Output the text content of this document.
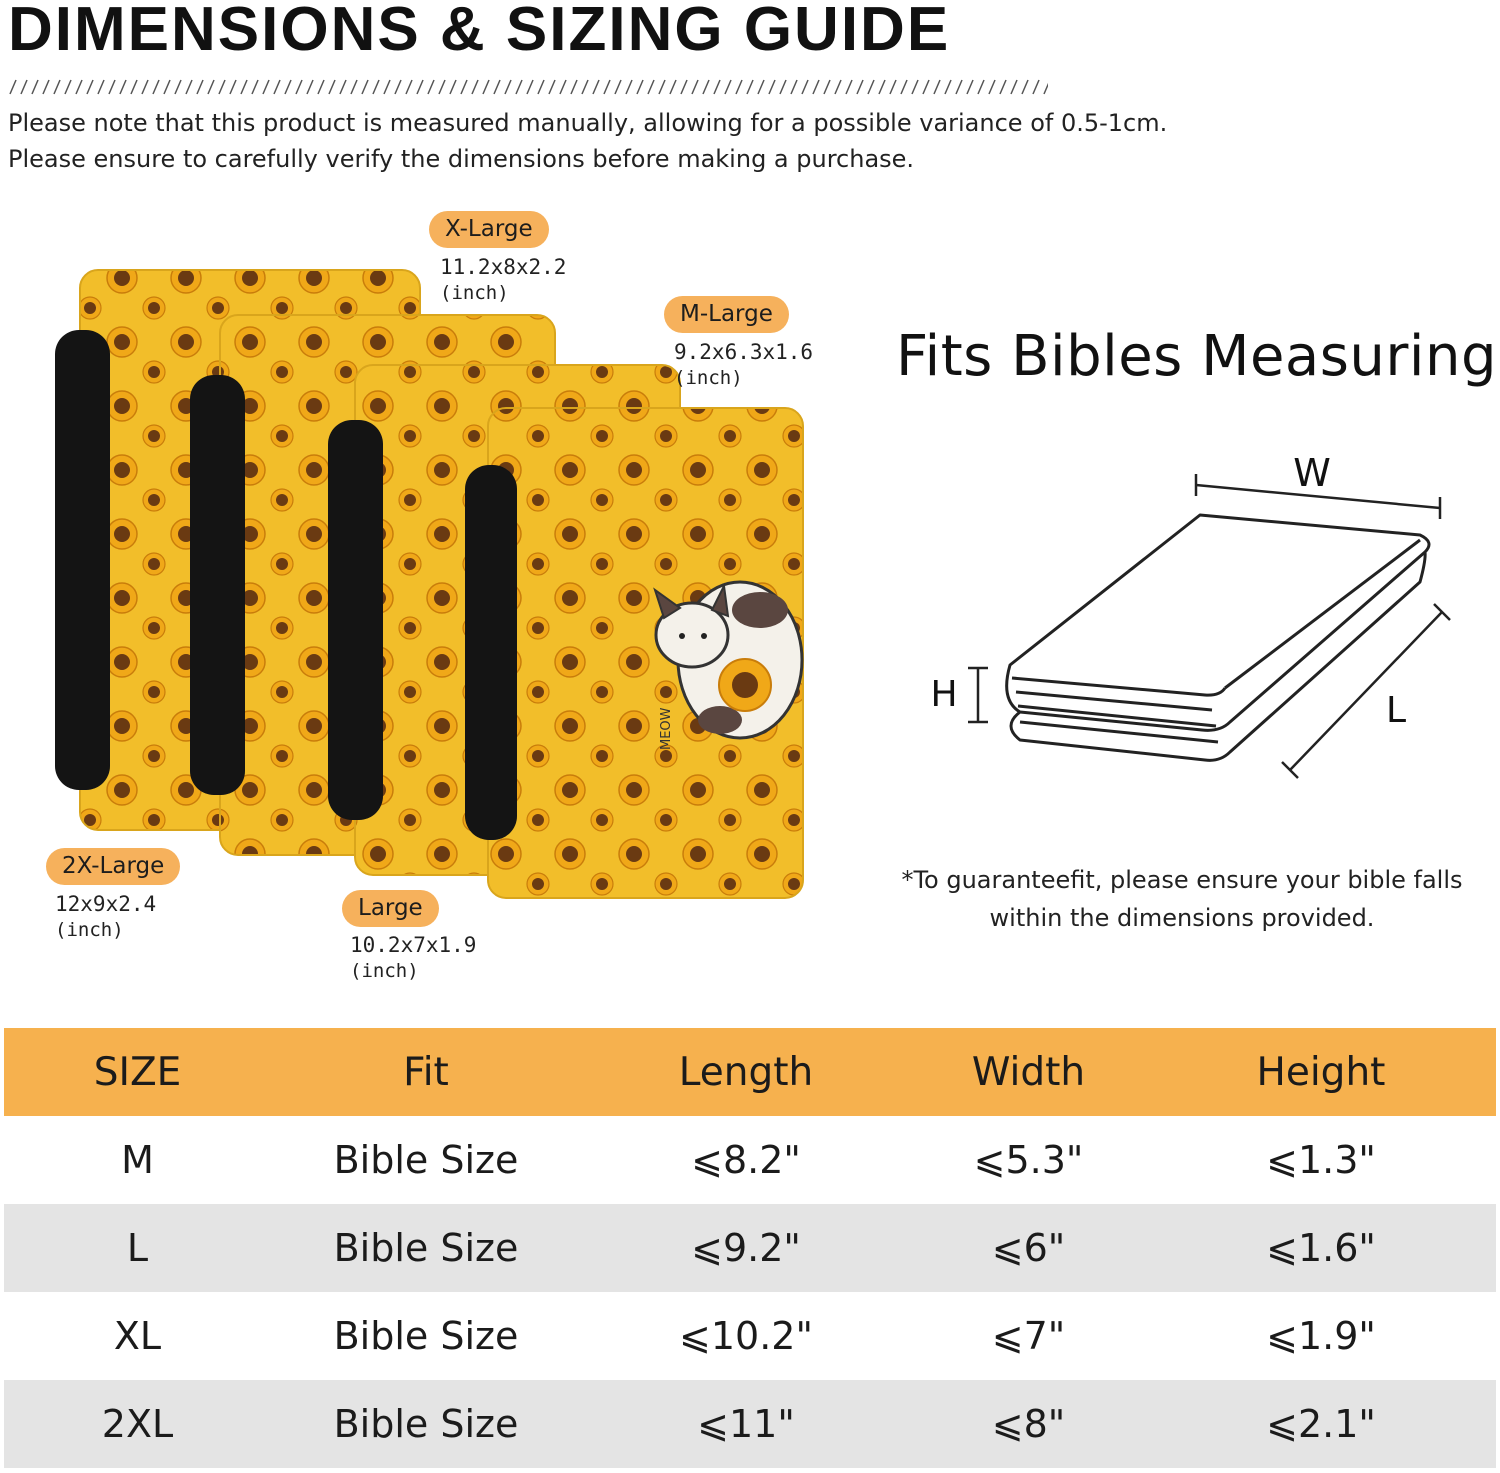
DIMENSIONS & SIZING GUIDE
Please note that this product is measured manually, allowing for a possible variance of 0.5-1cm.
Please ensure to carefully verify the dimensions before making a purchase.
MEOW
X-Large
11.2x8x2.2
(inch)
M-Large
9.2x6.3x1.6
(inch)
2X-Large
12x9x2.4
(inch)
Large
10.2x7x1.9
(inch)
Fits Bibles Measuring
W
H	L
*To guaranteefit, please ensure your bible falls
within the dimensions provided.
SIZE	Fit	Length	Width	Height
M	Bible Size	⩽8.2"	⩽5.3"	⩽1.3"
L	Bible Size	⩽9.2"	⩽6"	⩽1.6"
XL	Bible Size	⩽10.2"	⩽7"	⩽1.9"
2XL	Bible Size	⩽11"	⩽8"	⩽2.1"
